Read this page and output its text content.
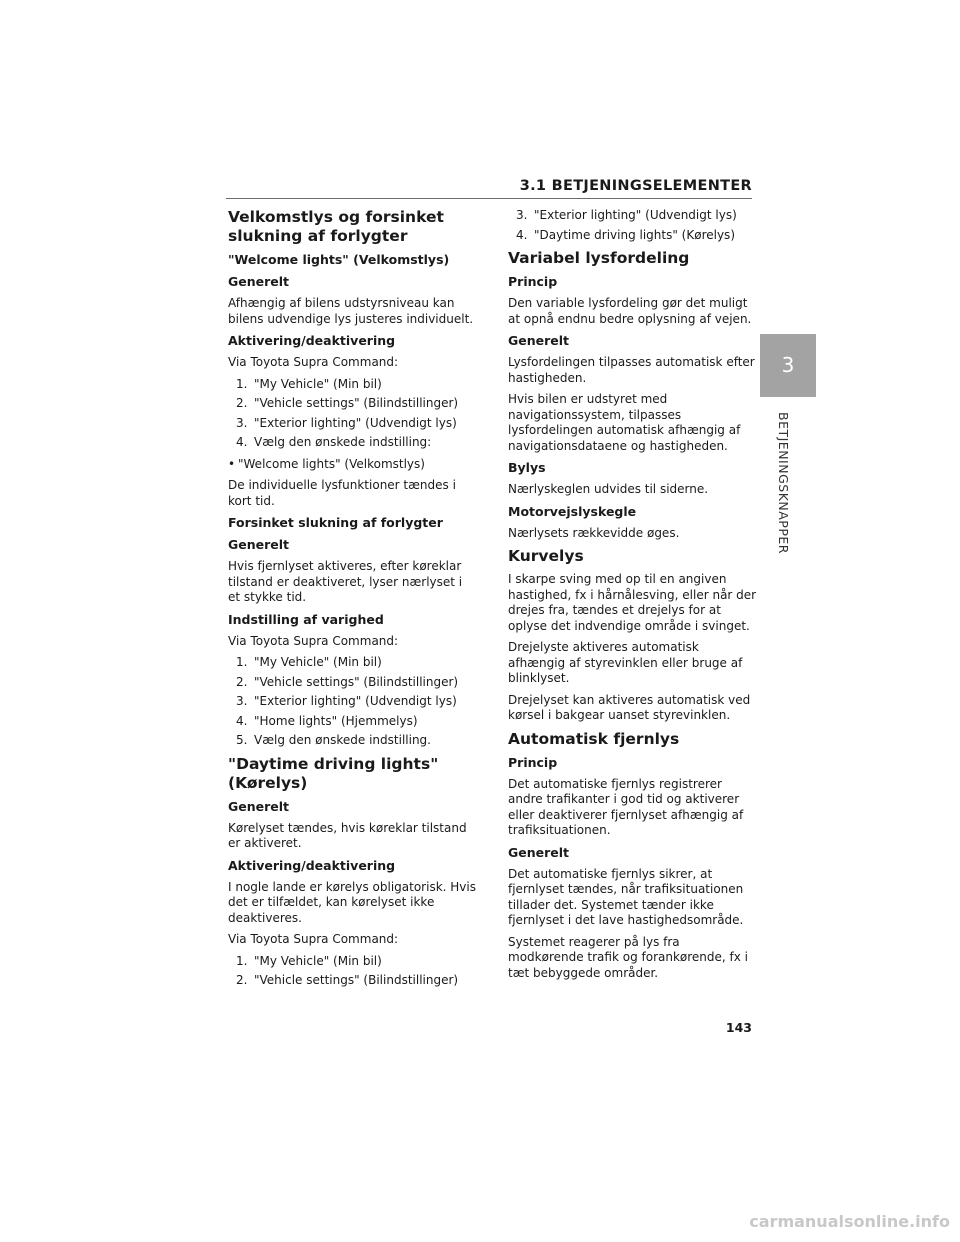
3.1 BETJENINGSELEMENTER
3
BETJENINGSKNAPPER
Velkomstlys og forsinket slukning af forlygter
"Welcome lights" (Velkomstlys)
Generelt

Afhængig af bilens udstyrsniveau kan bilens udvendige lys justeres individuelt.

Aktivering/deaktivering

Via Toyota Supra Command:

1. "My Vehicle" (Min bil)
2. "Vehicle settings" (Bilindstillinger)
3. "Exterior lighting" (Udvendigt lys)
4. Vælg den ønskede indstilling:
• "Welcome lights" (Velkomstlys)

De individuelle lysfunktioner tændes i kort tid.

Forsinket slukning af forlygter
Generelt

Hvis fjernlyset aktiveres, efter køreklar tilstand er deaktiveret, lyser nærlyset i et stykke tid.

Indstilling af varighed

Via Toyota Supra Command:

1. "My Vehicle" (Min bil)
2. "Vehicle settings" (Bilindstillinger)
3. "Exterior lighting" (Udvendigt lys)
4. "Home lights" (Hjemmelys)
5. Vælg den ønskede indstilling.
"Daytime driving lights" (Kørelys)
Generelt

Kørelyset tændes, hvis køreklar tilstand er aktiveret.

Aktivering/deaktivering

I nogle lande er kørelys obligatorisk. Hvis det er tilfældet, kan kørelyset ikke deaktiveres.

Via Toyota Supra Command:

1. "My Vehicle" (Min bil)
2. "Vehicle settings" (Bilindstillinger)
3. "Exterior lighting" (Udvendigt lys)
4. "Daytime driving lights" (Kørelys)
Variabel lysfordeling
Princip

Den variable lysfordeling gør det muligt at opnå endnu bedre oplysning af vejen.

Generelt

Lysfordelingen tilpasses automatisk efter hastigheden.

Hvis bilen er udstyret med navigationssystem, tilpasses lysfordelingen automatisk afhængig af navigationsdataene og hastigheden.

Bylys

Nærlyskeglen udvides til siderne.

Motorvejslyskegle

Nærlysets rækkevidde øges.

Kurvelys

I skarpe sving med op til en angiven hastighed, fx i hårnålesving, eller når der drejes fra, tændes et drejelys for at oplyse det indvendige område i svinget.

Drejelyste aktiveres automatisk afhængig af styrevinklen eller bruge af blinklyset.

Drejelyset kan aktiveres automatisk ved kørsel i bakgear uanset styrevinklen.

Automatisk fjernlys
Princip

Det automatiske fjernlys registrerer andre trafikanter i god tid og aktiverer eller deaktiverer fjernlyset afhængig af trafiksituationen.

Generelt

Det automatiske fjernlys sikrer, at fjernlyset tændes, når trafiksituationen tillader det. Systemet tænder ikke fjernlyset i det lave hastighedsområde.

Systemet reagerer på lys fra modkørende trafik og forankørende, fx i tæt bebyggede områder.

143
carmanualsonline.info
